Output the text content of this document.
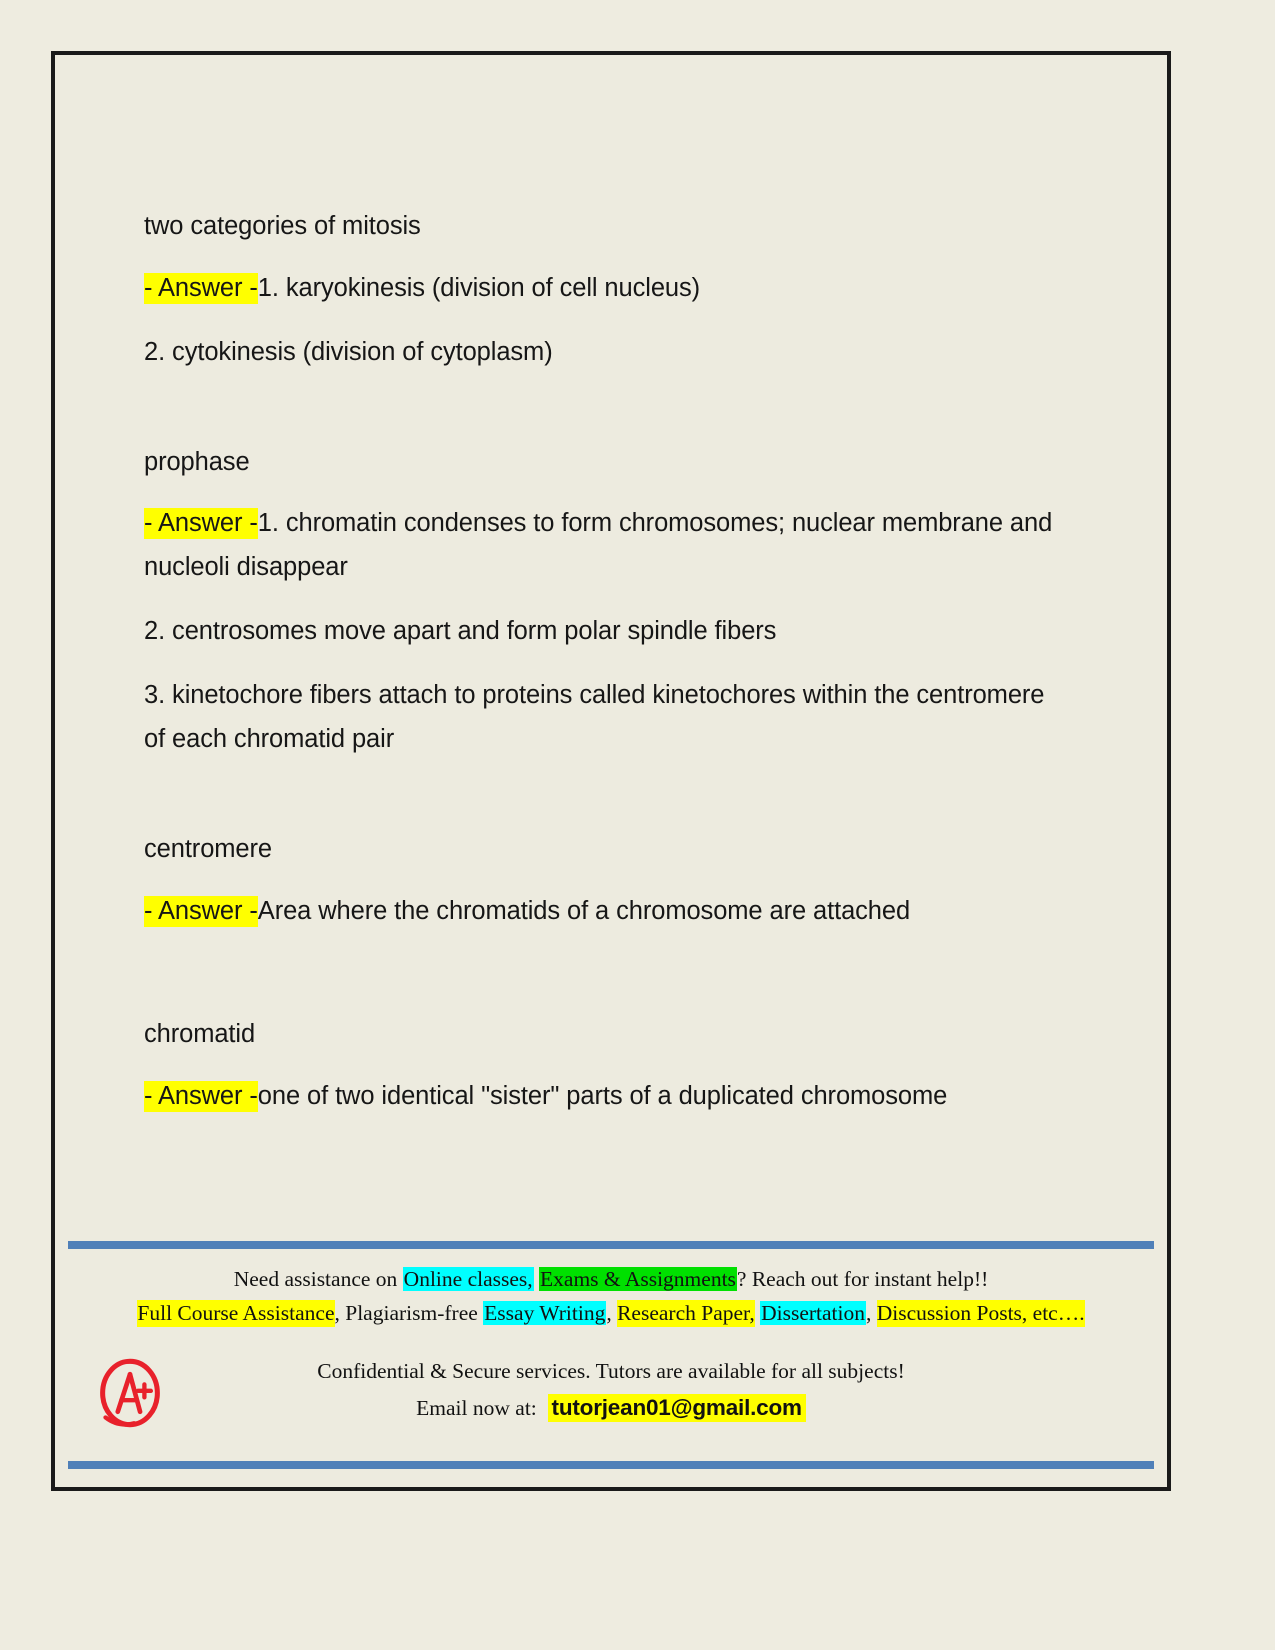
two categories of mitosis

- Answer -1. karyokinesis (division of cell nucleus)

2. cytokinesis (division of cytoplasm)

prophase

- Answer -1. chromatin condenses to form chromosomes; nuclear membrane and nucleoli disappear

2. centrosomes move apart and form polar spindle fibers

3. kinetochore fibers attach to proteins called kinetochores within the centromere of each chromatid pair

centromere

- Answer -Area where the chromatids of a chromosome are attached

chromatid

- Answer -one of two identical "sister" parts of a duplicated chromosome

Need assistance on Online classes, Exams & Assignments? Reach out for instant help!!
Full Course Assistance, Plagiarism-free Essay Writing, Research Paper, Dissertation, Discussion Posts, etc….
Confidential & Secure services. Tutors are available for all subjects!
Email now at: tutorjean01@gmail.com
